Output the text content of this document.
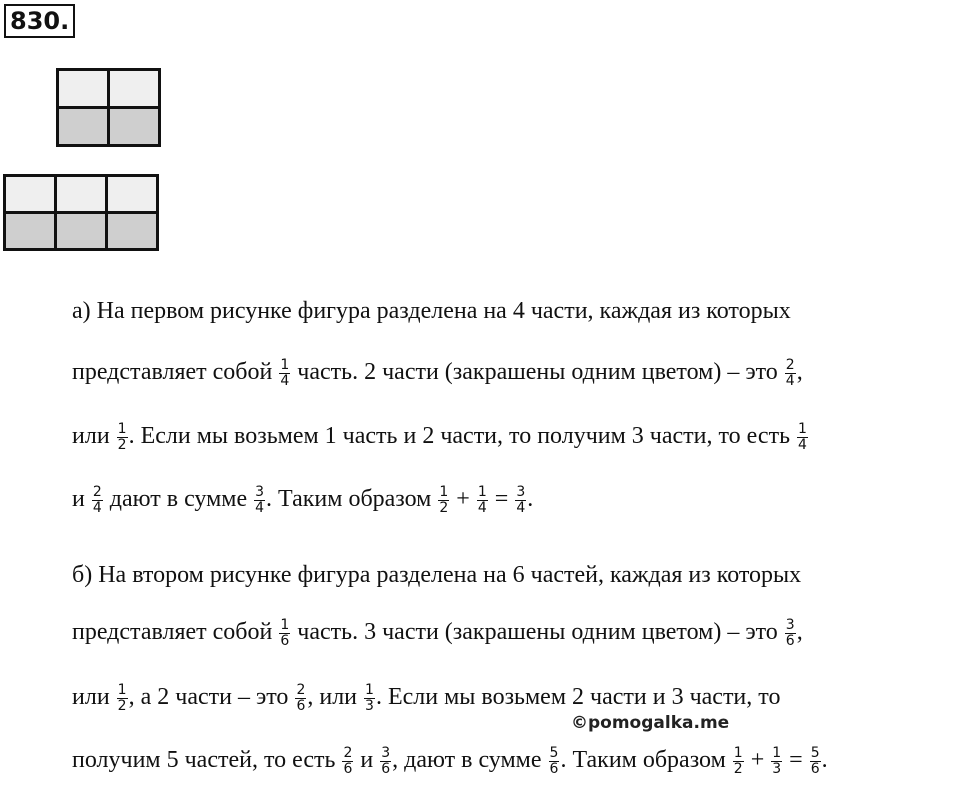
830.

а) На первом рисунке фигура разделена на 4 части, каждая из которых
представляет собой $\frac{1}{4}$ часть. 2 части (закрашены одним цветом) – это $\frac{2}{4}$ ,
или $\frac{1}{2}$ . Если мы возьмем 1 часть и 2 части, то получим 3 части, то есть $\frac{1}{4}$
и $\frac{2}{4}$ дают в сумме $\frac{3}{4}$ . Таким образом $\frac{1}{2} + \frac{1}{4} = \frac{3}{4}$ .
б) На втором рисунке фигура разделена на 6 частей, каждая из которых
представляет собой $\frac{1}{6}$ часть. 3 части (закрашены одним цветом) – это $\frac{3}{6}$ ,
или $\frac{1}{2}$ , а 2 части – это $\frac{2}{6}$ , или $\frac{1}{3}$ . Если мы возьмем 2 части и 3 части, то
©pomogalka.me
получим 5 частей, то есть $\frac{2}{6}$ и $\frac{3}{6}$ , дают в сумме $\frac{5}{6}$ . Таким образом $\frac{1}{2} + \frac{1}{3} = \frac{5}{6}$ .
